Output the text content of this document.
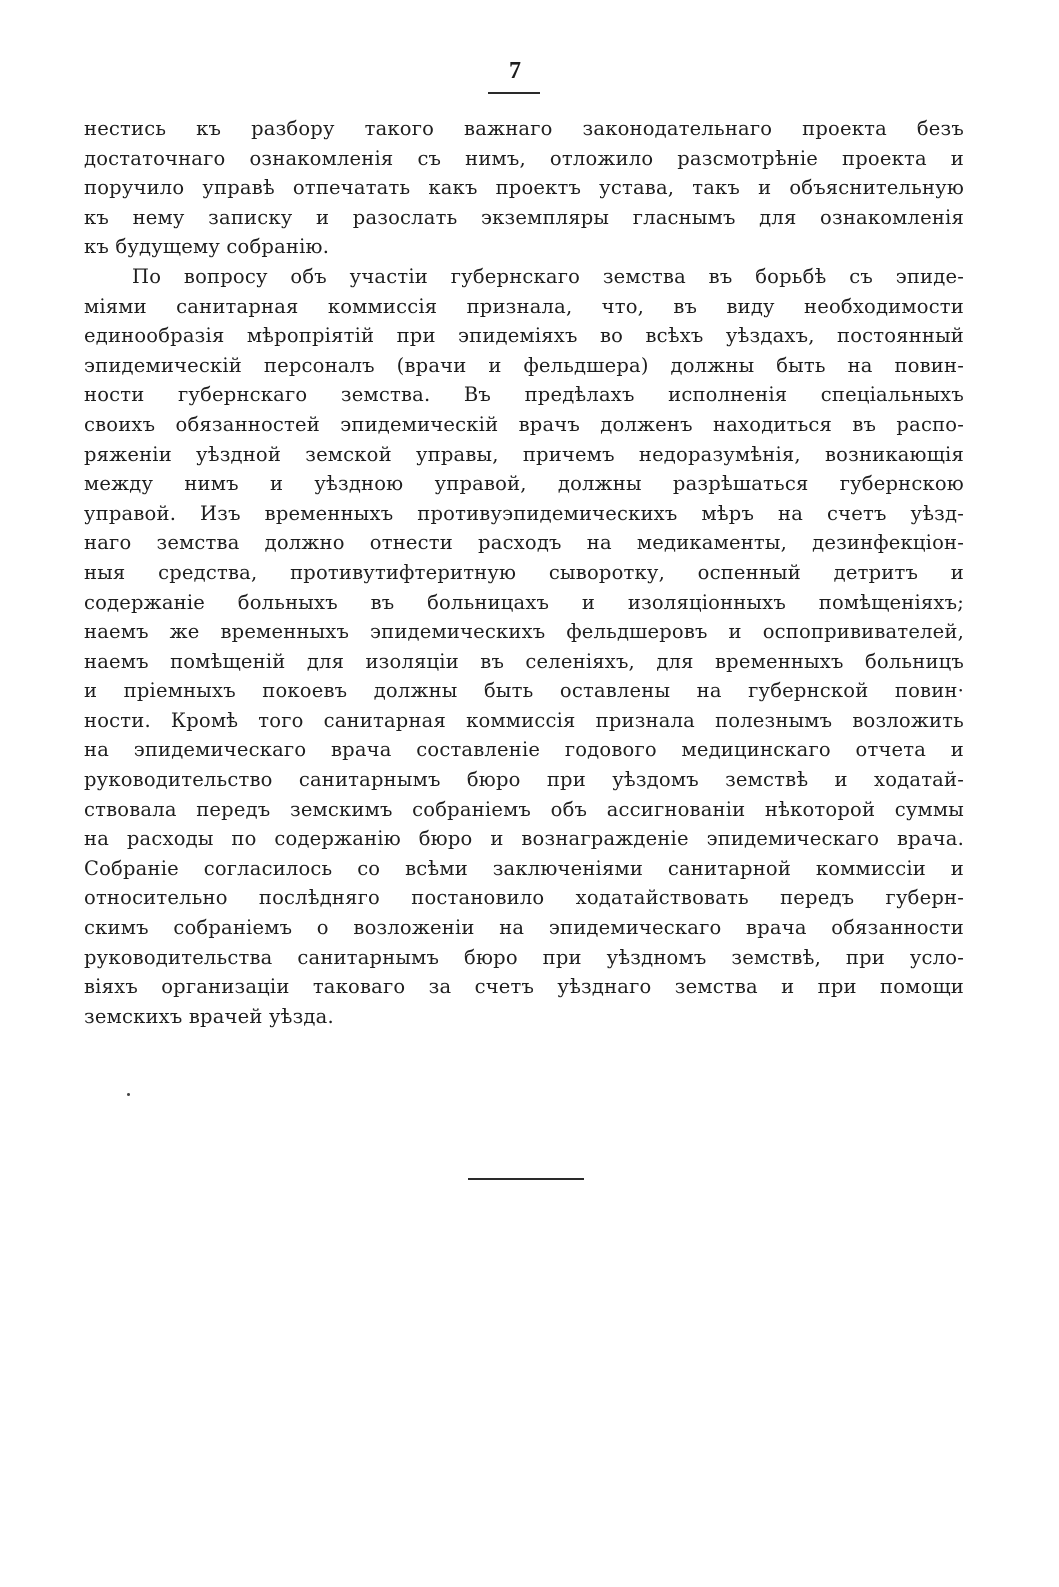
7
нестись къ разбору такого важнаго законодательнаго проекта безъ
достаточнаго ознакомленія съ нимъ, отложило разсмотрѣніе проекта и
поручило управѣ отпечатать какъ проектъ устава, такъ и объяснительную
къ нему записку и разослать экземпляры гласнымъ для ознакомленія
къ будущему собранію.
По вопросу объ участіи губернскаго земства въ борьбѣ съ эпиде-
міями санитарная коммиссія признала, что, въ виду необходимости
единообразія мѣропріятій при эпидеміяхъ во всѣхъ уѣздахъ, постоянный
эпидемическій персоналъ (врачи и фельдшера) должны быть на повин-
ности губернскаго земства. Въ предѣлахъ исполненія спеціальныхъ
своихъ обязанностей эпидемическій врачъ долженъ находиться въ распо-
ряженіи уѣздной земской управы, причемъ недоразумѣнія, возникающія
между нимъ и уѣздною управой, должны разрѣшаться губернскою
управой. Изъ временныхъ противуэпидемическихъ мѣръ на счетъ уѣзд-
наго земства должно отнести расходъ на медикаменты, дезинфекціон-
ныя средства, противутифтеритную сыворотку, оспенный детритъ и
содержаніе больныхъ въ больницахъ и изоляціонныхъ помѣщеніяхъ;
наемъ же временныхъ эпидемическихъ фельдшеровъ и оспопрививателей,
наемъ помѣщеній для изоляціи въ селеніяхъ, для временныхъ больницъ
и пріемныхъ покоевъ должны быть оставлены на губернской повин·
ности. Кромѣ того санитарная коммиссія признала полезнымъ возложить
на эпидемическаго врача составленіе годового медицинскаго отчета и
руководительство санитарнымъ бюро при уѣздомъ земствѣ и ходатай-
ствовала передъ земскимъ собраніемъ объ ассигнованіи нѣкоторой суммы
на расходы по содержанію бюро и вознагражденіе эпидемическаго врача.
Собраніе согласилось со всѣми заключеніями санитарной коммиссіи и
относительно послѣдняго постановило ходатайствовать передъ губерн-
скимъ собраніемъ о возложеніи на эпидемическаго врача обязанности
руководительства санитарнымъ бюро при уѣздномъ земствѣ, при усло-
віяхъ организаціи таковаго за счетъ уѣзднаго земства и при помощи
земскихъ врачей уѣзда.
